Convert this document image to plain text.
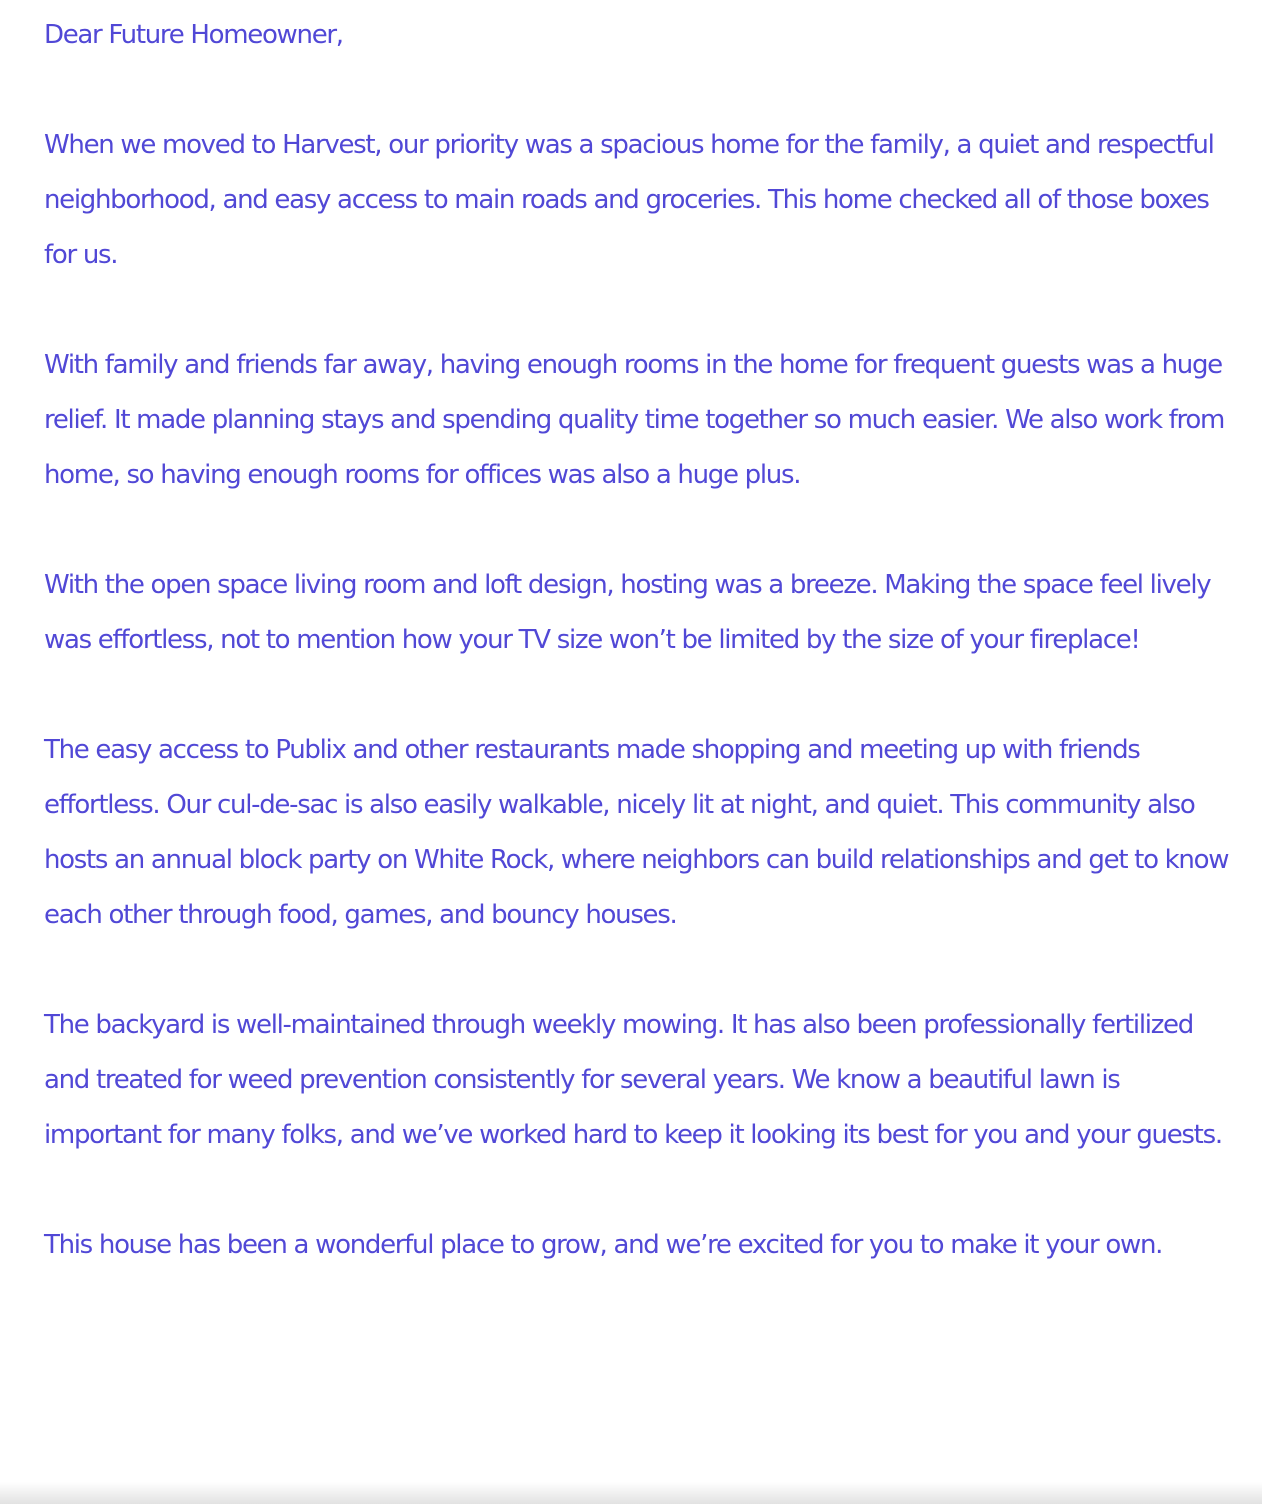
Dear Future Homeowner,

When we moved to Harvest, our priority was a spacious home for the family, a quiet and respectful neighborhood, and easy access to main roads and groceries. This home checked all of those boxes for us.

With family and friends far away, having enough rooms in the home for frequent guests was a huge relief. It made planning stays and spending quality time together so much easier. We also work from home, so having enough rooms for offices was also a huge plus.

With the open space living room and loft design, hosting was a breeze. Making the space feel lively was effortless, not to mention how your TV size won’t be limited by the size of your fireplace!

The easy access to Publix and other restaurants made shopping and meeting up with friends effortless. Our cul-de-sac is also easily walkable, nicely lit at night, and quiet. This community also hosts an annual block party on White Rock, where neighbors can build relationships and get to know each other through food, games, and bouncy houses.

The backyard is well-maintained through weekly mowing. It has also been professionally fertilized and treated for weed prevention consistently for several years. We know a beautiful lawn is important for many folks, and we’ve worked hard to keep it looking its best for you and your guests.

This house has been a wonderful place to grow, and we’re excited for you to make it your own.
